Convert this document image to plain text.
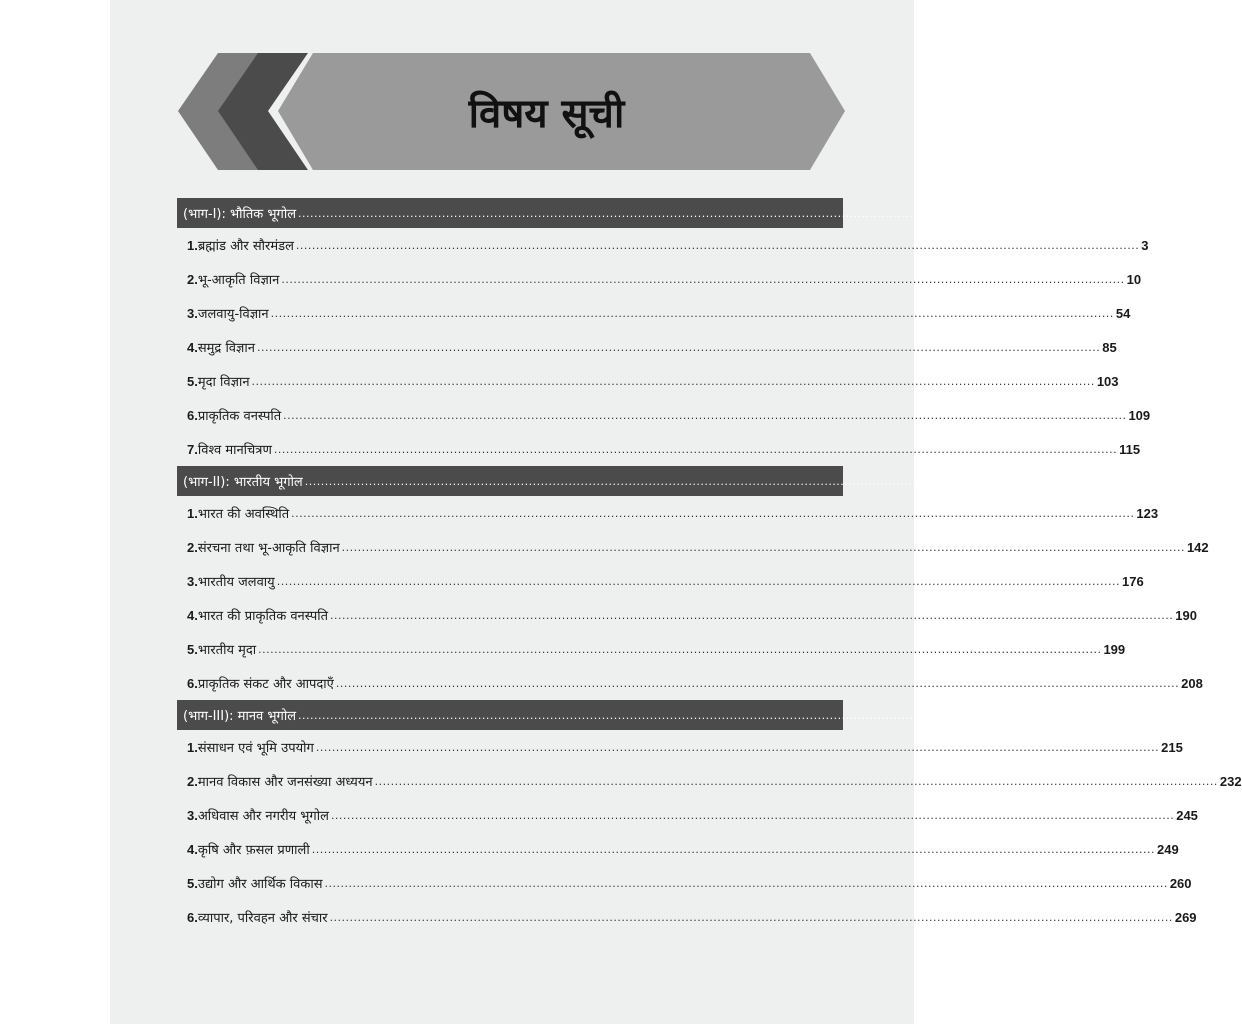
विषय सूची
(भाग-I): भौतिक भूगोल ................................................................................................................................................................................................................... 1-120
1. ब्रह्मांड और सौरमंडल ................................................................................................................................................................................................................... 3
2. भू-आकृति विज्ञान ................................................................................................................................................................................................................... 10
3. जलवायु-विज्ञान ................................................................................................................................................................................................................... 54
4. समुद्र विज्ञान ................................................................................................................................................................................................................... 85
5. मृदा विज्ञान ................................................................................................................................................................................................................... 103
6. प्राकृतिक वनस्पति ................................................................................................................................................................................................................... 109
7. विश्व मानचित्रण ................................................................................................................................................................................................................... 115
(भाग-II): भारतीय भूगोल ................................................................................................................................................................................................................... 121-212
1. भारत की अवस्थिति ................................................................................................................................................................................................................... 123
2. संरचना तथा भू-आकृति विज्ञान ................................................................................................................................................................................................................... 142
3. भारतीय जलवायु ................................................................................................................................................................................................................... 176
4. भारत की प्राकृतिक वनस्पति ................................................................................................................................................................................................................... 190
5. भारतीय मृदा ................................................................................................................................................................................................................... 199
6. प्राकृतिक संकट और आपदाएँ ................................................................................................................................................................................................................... 208
(भाग-III): मानव भूगोल ................................................................................................................................................................................................................... 213-278
1. संसाधन एवं भूमि उपयोग ................................................................................................................................................................................................................... 215
2. मानव विकास और जनसंख्या अध्ययन ................................................................................................................................................................................................................... 232
3. अधिवास और नगरीय भूगोल ................................................................................................................................................................................................................... 245
4. कृषि और फ़सल प्रणाली ................................................................................................................................................................................................................... 249
5. उद्योग और आर्थिक विकास ................................................................................................................................................................................................................... 260
6. व्यापार, परिवहन और संचार ................................................................................................................................................................................................................... 269
